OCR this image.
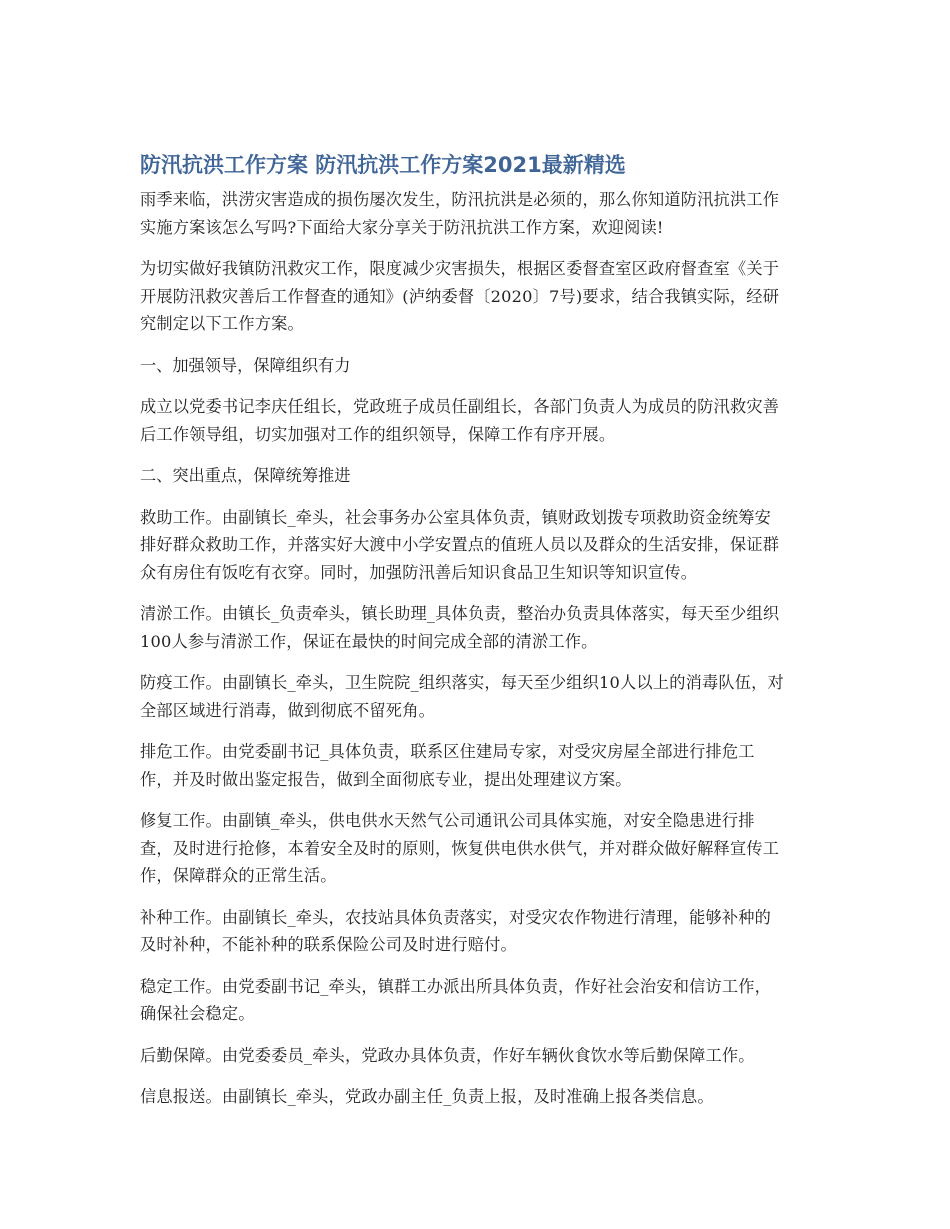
防汛抗洪工作方案 防汛抗洪工作方案2021最新精选

雨季来临，洪涝灾害造成的损伤屡次发生，防汛抗洪是必须的，那么你知道防汛抗洪工作
实施方案该怎么写吗?下面给大家分享关于防汛抗洪工作方案，欢迎阅读!

为切实做好我镇防汛救灾工作，限度减少灾害损失，根据区委督查室区政府督查室《关于
开展防汛救灾善后工作督查的通知》(泸纳委督〔2020〕7号)要求，结合我镇实际，经研
究制定以下工作方案。

一、加强领导，保障组织有力

成立以党委书记李庆任组长，党政班子成员任副组长，各部门负责人为成员的防汛救灾善
后工作领导组，切实加强对工作的组织领导，保障工作有序开展。

二、突出重点，保障统筹推进

救助工作。由副镇长_牵头，社会事务办公室具体负责，镇财政划拨专项救助资金统筹安
排好群众救助工作，并落实好大渡中小学安置点的值班人员以及群众的生活安排，保证群
众有房住有饭吃有衣穿。同时，加强防汛善后知识食品卫生知识等知识宣传。

清淤工作。由镇长_负责牵头，镇长助理_具体负责，整治办负责具体落实，每天至少组织
100人参与清淤工作，保证在最快的时间完成全部的清淤工作。

防疫工作。由副镇长_牵头，卫生院院_组织落实，每天至少组织10人以上的消毒队伍，对
全部区域进行消毒，做到彻底不留死角。

排危工作。由党委副书记_具体负责，联系区住建局专家，对受灾房屋全部进行排危工
作，并及时做出鉴定报告，做到全面彻底专业，提出处理建议方案。

修复工作。由副镇_牵头，供电供水天然气公司通讯公司具体实施，对安全隐患进行排
查，及时进行抢修，本着安全及时的原则，恢复供电供水供气，并对群众做好解释宣传工
作，保障群众的正常生活。

补种工作。由副镇长_牵头，农技站具体负责落实，对受灾农作物进行清理，能够补种的
及时补种，不能补种的联系保险公司及时进行赔付。

稳定工作。由党委副书记_牵头，镇群工办派出所具体负责，作好社会治安和信访工作，
确保社会稳定。

后勤保障。由党委委员_牵头，党政办具体负责，作好车辆伙食饮水等后勤保障工作。

信息报送。由副镇长_牵头，党政办副主任_负责上报，及时准确上报各类信息。
